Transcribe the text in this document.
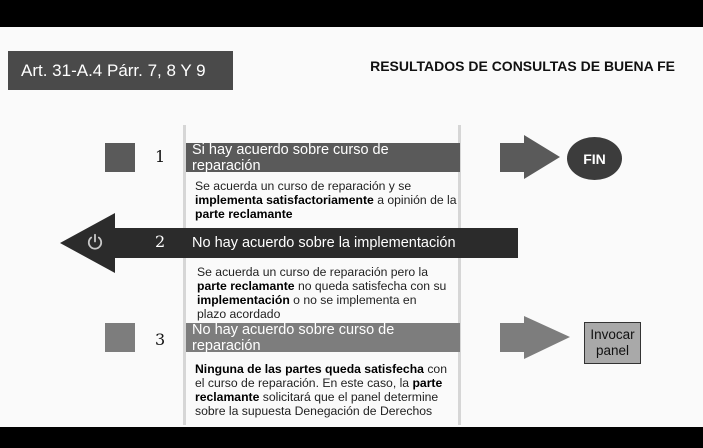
Art. 31-A.4 Párr. 7, 8 Y 9	RESULTADOS DE CONSULTAS DE BUENA FE
1
2
3
Si hay acuerdo sobre curso de reparación
No hay acuerdo sobre la implementación
No hay acuerdo sobre curso de reparación
Se acuerda un curso de reparación y se implementa satisfactoriamente a opinión de la parte reclamante
Se acuerda un curso de reparación pero la parte reclamante no queda satisfecha con su implementación o no se implementa en plazo acordado
Ninguna de las partes queda satisfecha con el curso de reparación. En este caso, la parte reclamante solicitará que el panel determine sobre la supuesta Denegación de Derechos
FIN
Invocar panel
